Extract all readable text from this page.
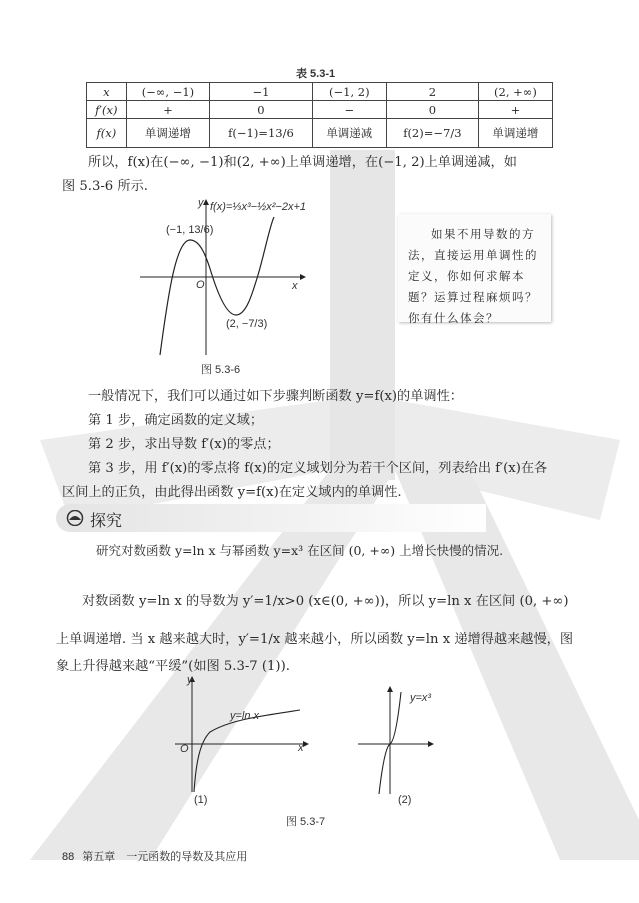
表 5.3-1
x	(−∞, −1)	−1	(−1, 2)	2	(2, +∞)
f′(x)	+	0	−	0	+
f(x)	单调递增	f(−1)=13/6	单调递减	f(2)=−7/3	单调递增
所以，f(x)在(−∞, −1)和(2, +∞)上单调递增，在(−1, 2)上单调递减，如
图 5.3-6 所示.
f(x)=⅓x³−½x²−2x+1
(−1, 13/6)
(2, −7/3)
O	x
y
图 5.3-6
如果不用导数的方法，直接运用单调性的定义，你如何求解本题？运算过程麻烦吗？你有什么体会？
一般情况下，我们可以通过如下步骤判断函数 y=f(x)的单调性：
第 1 步，确定函数的定义域；
第 2 步，求出导数 f′(x)的零点；
第 3 步，用 f′(x)的零点将 f(x)的定义域划分为若干个区间，列表给出 f′(x)在各
区间上的正负，由此得出函数 y=f(x)在定义域内的单调性.
探究
研究对数函数 y=ln x 与幂函数 y=x³ 在区间 (0, +∞) 上增长快慢的情况.
对数函数 y=ln x 的导数为 y′=1/x>0 (x∈(0, +∞))，所以 y=ln x 在区间 (0, +∞)
上单调递增. 当 x 越来越大时，y′=1/x 越来越小，所以函数 y=ln x 递增得越来越慢，图
象上升得越来越“平缓”(如图 5.3-7 (1)).
y=ln x
O
y
x
(1)
y=x³
(2)
图 5.3-7
88 第五章　一元函数的导数及其应用
